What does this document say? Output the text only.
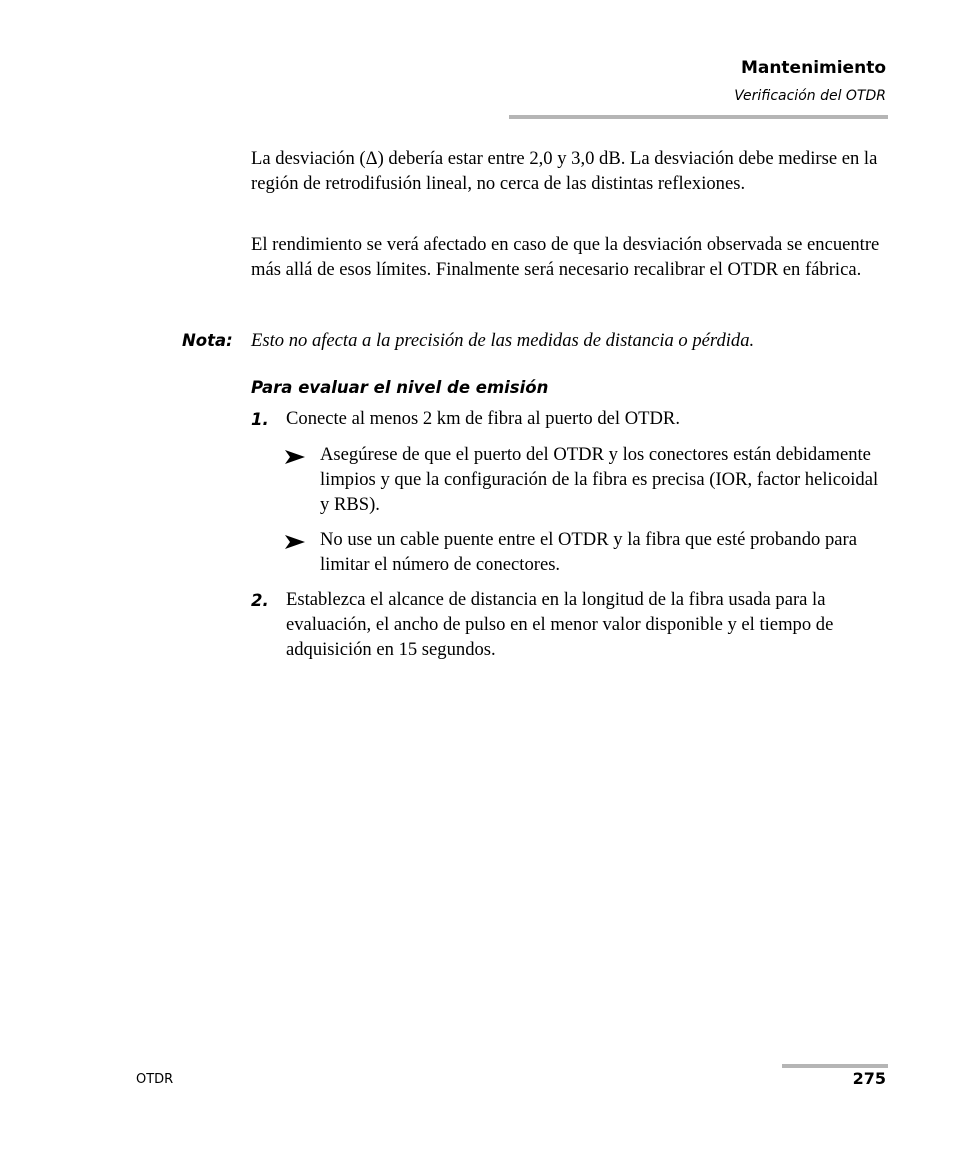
Mantenimiento
Verificación del OTDR
La desviación (Δ) debería estar entre 2,0 y 3,0 dB. La desviación debe medirse en la región de retrodifusión lineal, no cerca de las distintas reflexiones.
El rendimiento se verá afectado en caso de que la desviación observada se encuentre más allá de esos límites. Finalmente será necesario recalibrar el OTDR en fábrica.
Nota: Esto no afecta a la precisión de las medidas de distancia o pérdida.
Para evaluar el nivel de emisión
1. Conecte al menos 2 km de fibra al puerto del OTDR.
Asegúrese de que el puerto del OTDR y los conectores están debidamente limpios y que la configuración de la fibra es precisa (IOR, factor helicoidal y RBS).
No use un cable puente entre el OTDR y la fibra que esté probando para limitar el número de conectores.
2. Establezca el alcance de distancia en la longitud de la fibra usada para la evaluación, el ancho de pulso en el menor valor disponible y el tiempo de adquisición en 15 segundos.
OTDR	275
